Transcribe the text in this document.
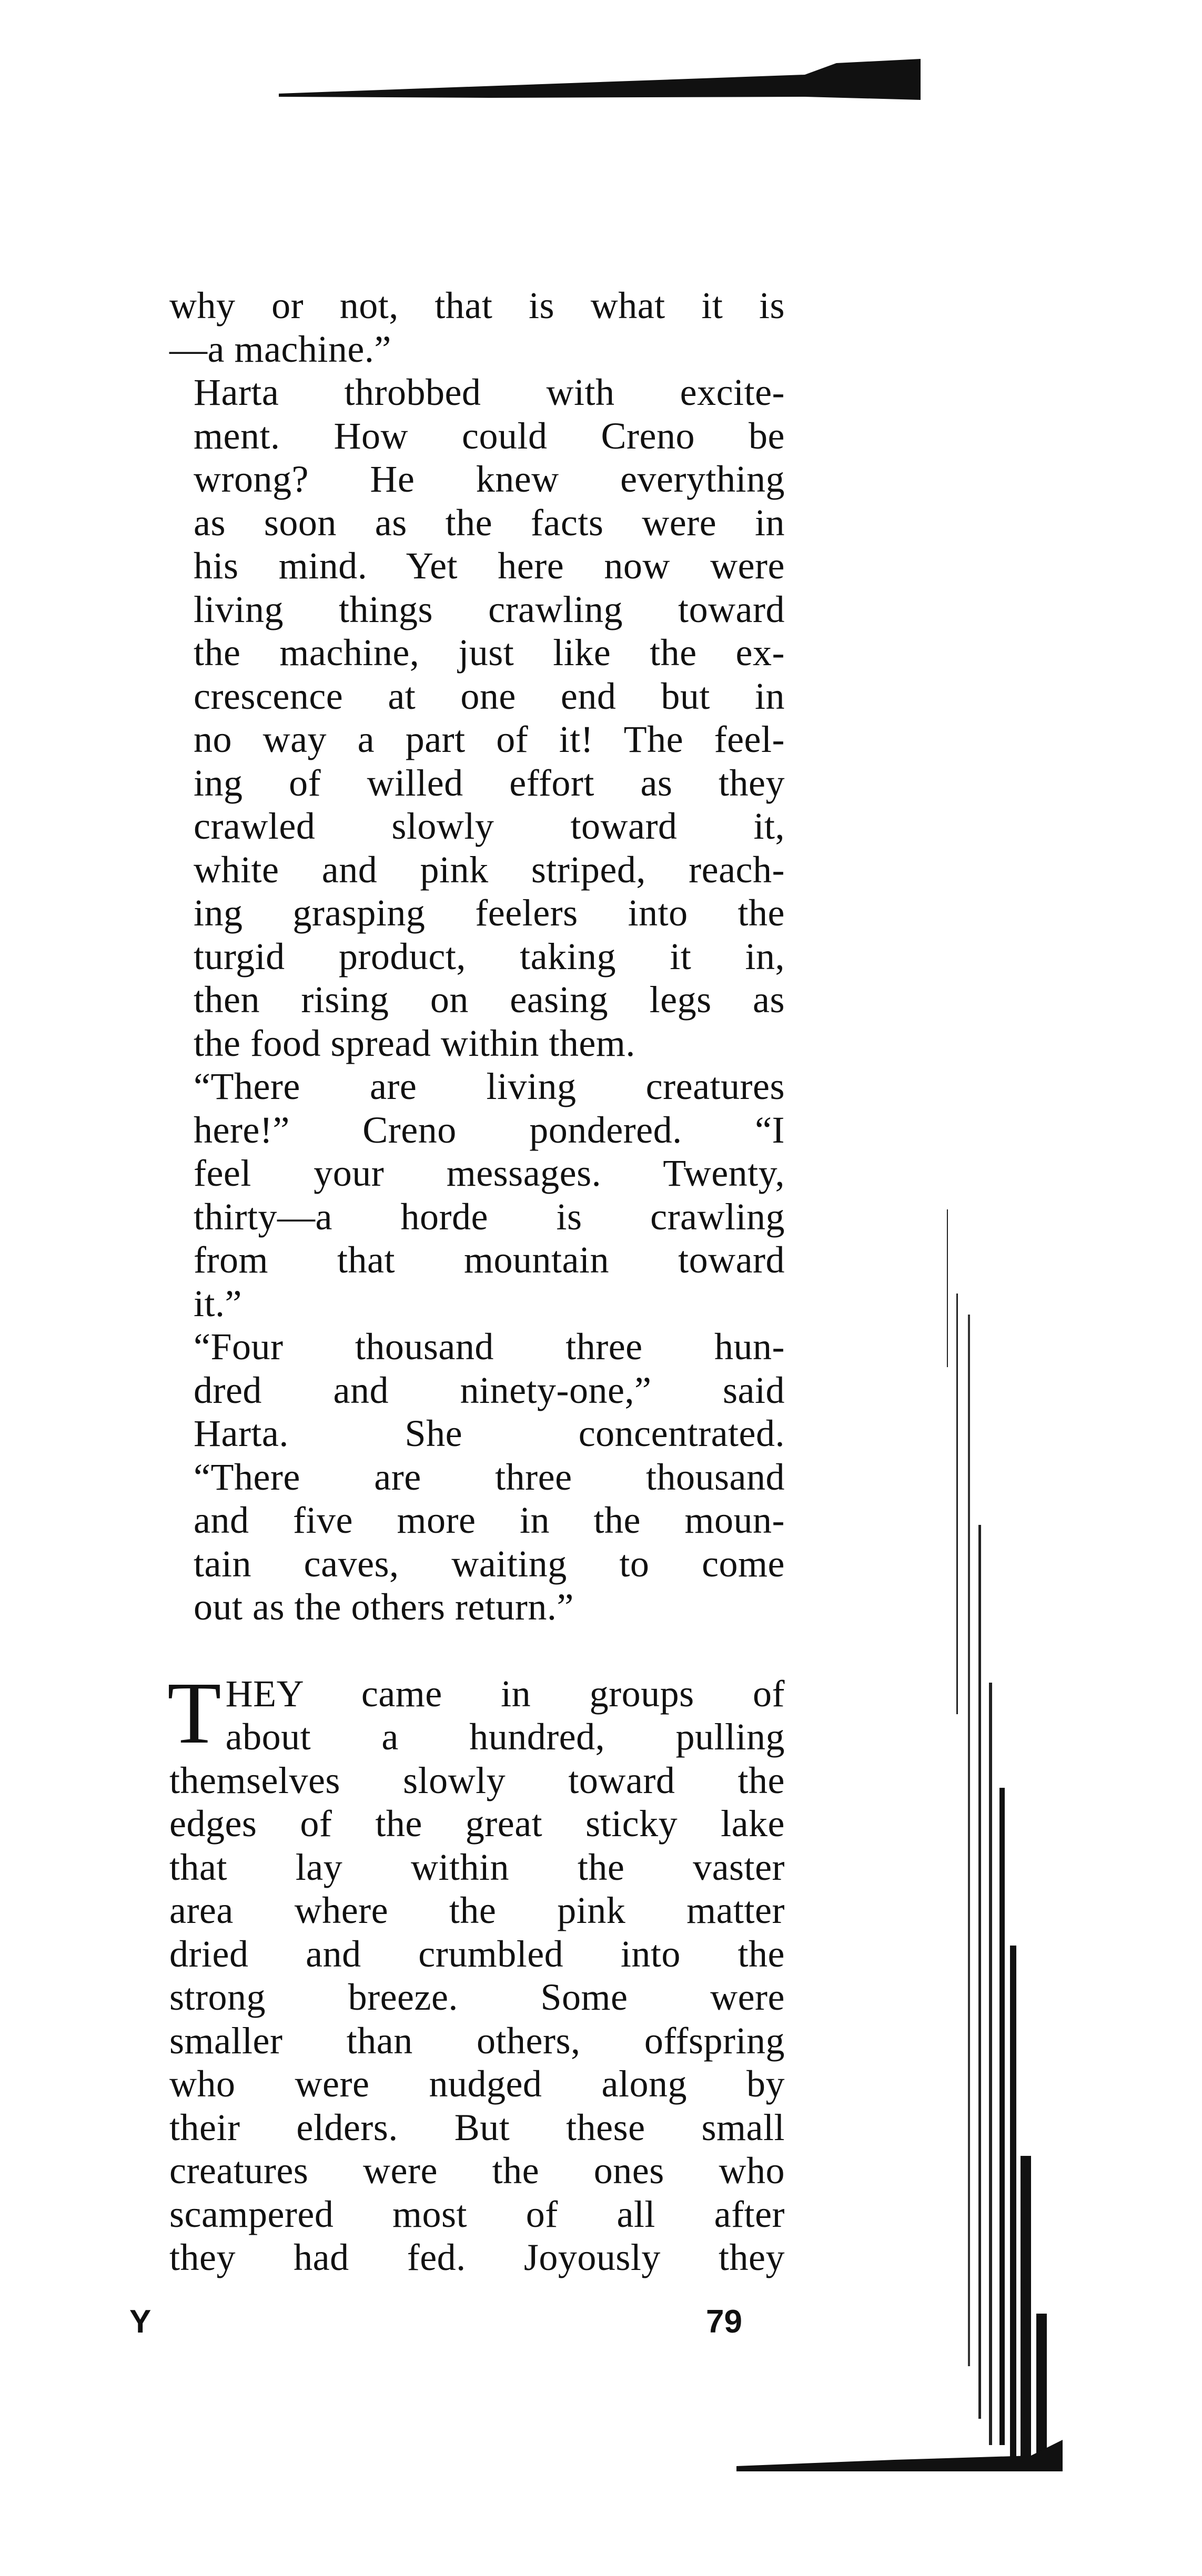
why or not, that is what it is
—a machine.”

Harta throbbed with excite-
ment. How could Creno be
wrong? He knew everything
as soon as the facts were in
his mind. Yet here now were
living things crawling toward
the machine, just like the ex-
crescence at one end but in
no way a part of it! The feel-
ing of willed effort as they
crawled slowly toward it,
white and pink striped, reach-
ing grasping feelers into the
turgid product, taking it in,
then rising on easing legs as
the food spread within them.

“There are living creatures
here!” Creno pondered. “I
feel your messages. Twenty,
thirty—a horde is crawling
from that mountain toward
it.”

“Four thousand three hun-
dred and ninety-one,” said
Harta. She concentrated.
“There are three thousand
and five more in the moun-
tain caves, waiting to come
out as the others return.”

T HEY came in groups of
about a hundred, pulling
themselves slowly toward the
edges of the great sticky lake
that lay within the vaster
area where the pink matter
dried and crumbled into the
strong breeze. Some were
smaller than others, offspring
who were nudged along by
their elders. But these small
creatures were the ones who
scampered most of all after
they had fed. Joyously they

Y	79
